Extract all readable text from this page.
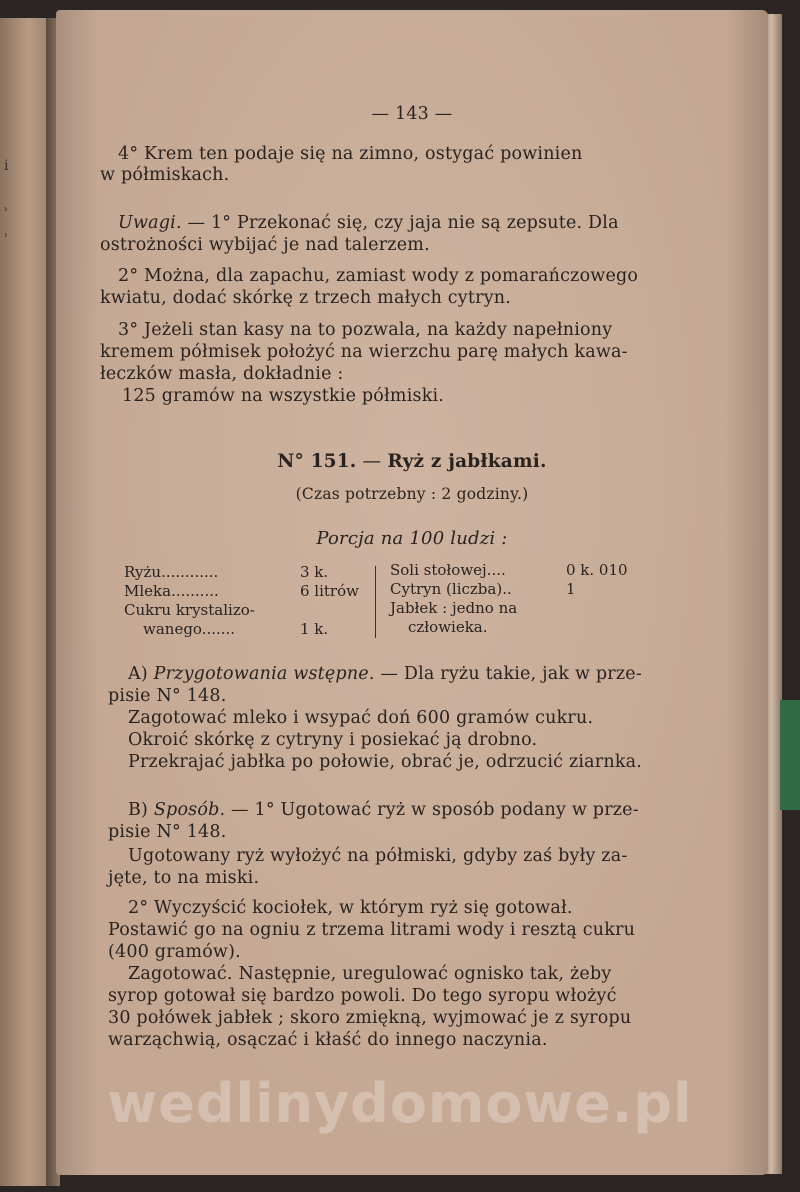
i
ʾ
ʾ
— 143 —
4° Krem ten podaje się na zimno, ostygać powinien
w półmiskach.
Uwagi. — 1° Przekonać się, czy jaja nie są zepsute. Dla
ostrożności wybijać je nad talerzem.
2° Można, dla zapachu, zamiast wody z pomarańczowego
kwiatu, dodać skórkę z trzech małych cytryn.
3° Jeżeli stan kasy na to pozwala, na każdy napełniony
kremem półmisek położyć na wierzchu parę małych kawa-
łeczków masła, dokładnie :
125 gramów na wszystkie półmiski.
N° 151. — Ryż z jabłkami.
(Czas potrzebny : 2 godziny.)
Porcja na 100 ludzi :
Ryżu............	3 k.
Mleka..........	6 litrów
Cukru krystalizo-
wanego.......	1 k.
Soli stołowej....	0 k. 010
Cytryn (liczba)..	1
Jabłek : jedno na
człowieka.
A) Przygotowania wstępne. — Dla ryżu takie, jak w prze-
pisie N° 148.
Zagotować mleko i wsypać doń 600 gramów cukru.
Okroić skórkę z cytryny i posiekać ją drobno.
Przekrajać jabłka po połowie, obrać je, odrzucić ziarnka.
B) Sposób. — 1° Ugotować ryż w sposób podany w prze-
pisie N° 148.
Ugotowany ryż wyłożyć na półmiski, gdyby zaś były za-
jęte, to na miski.
2° Wyczyścić kociołek, w którym ryż się gotował.
Postawić go na ogniu z trzema litrami wody i resztą cukru
(400 gramów).
Zagotować. Następnie, uregulować ognisko tak, żeby
syrop gotował się bardzo powoli. Do tego syropu włożyć
30 połówek jabłek ; skoro zmiękną, wyjmować je z syropu
warząchwią, osączać i kłaść do innego naczynia.
wedlinydomowe.pl
